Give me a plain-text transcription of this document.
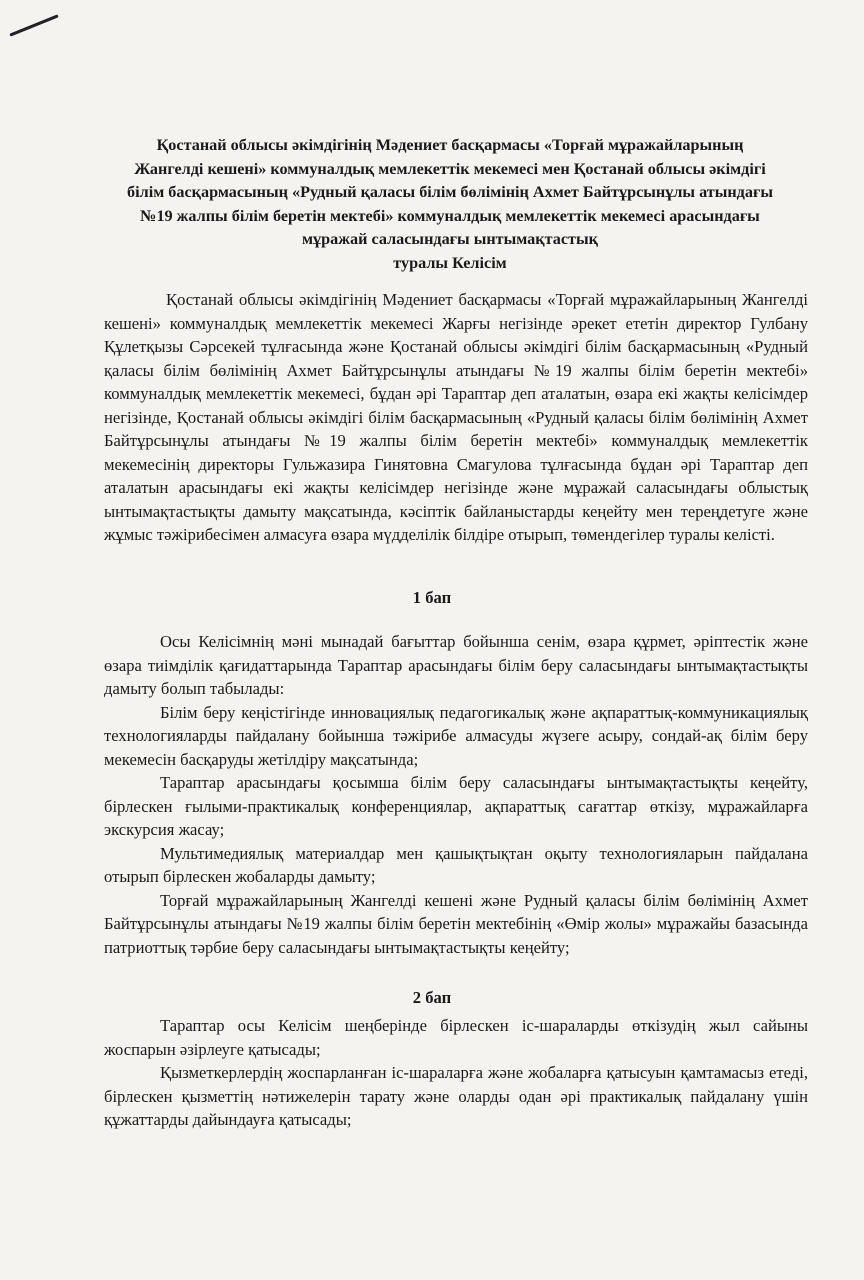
Қостанай облысы әкімдігінің Мәдениет басқармасы «Торғай мұражайларының
Жангелді кешені» коммуналдық мемлекеттік мекемесі мен Қостанай облысы әкімдігі
білім басқармасының «Рудный қаласы білім бөлімінің Ахмет Байтұрсынұлы атындағы
№19 жалпы білім беретін мектебі» коммуналдық мемлекеттік мекемесі арасындағы
мұражай саласындағы ынтымақтастық
туралы Келісім

Қостанай облысы әкімдігінің Мәдениет басқармасы «Торғай мұражайларының Жангелді кешені» коммуналдық мемлекеттік мекемесі Жарғы негізінде әрекет ететін директор Гулбану Құлетқызы Сәрсекей тұлғасында және Қостанай облысы әкімдігі білім басқармасының «Рудный қаласы білім бөлімінің Ахмет Байтұрсынұлы атындағы №19 жалпы білім беретін мектебі» коммуналдық мемлекеттік мекемесі, бұдан әрі Тараптар деп аталатын, өзара екі жақты келісімдер негізінде, Қостанай облысы әкімдігі білім басқармасының «Рудный қаласы білім бөлімінің Ахмет Байтұрсынұлы атындағы №19 жалпы білім беретін мектебі» коммуналдық мемлекеттік мекемесінің директоры Гульжазира Гинятовна Смагулова тұлғасында бұдан әрі Тараптар деп аталатын арасындағы екі жақты келісімдер негізінде және мұражай саласындағы облыстық ынтымақтастықты дамыту мақсатында, кәсіптік байланыстарды кеңейту мен тереңдетуге және жұмыс тәжірибесімен алмасуға өзара мүдделілік білдіре отырып, төмендегілер туралы келісті.

1 бап

Осы Келісімнің мәні мынадай бағыттар бойынша сенім, өзара құрмет, әріптестік және өзара тиімділік қағидаттарында Тараптар арасындағы білім беру саласындағы ынтымақтастықты дамыту болып табылады:

Білім беру кеңістігінде инновациялық педагогикалық және ақпараттық-коммуникациялық технологияларды пайдалану бойынша тәжірибе алмасуды жүзеге асыру, сондай-ақ білім беру мекемесін басқаруды жетілдіру мақсатында;

Тараптар арасындағы қосымша білім беру саласындағы ынтымақтастықты кеңейту, бірлескен ғылыми-практикалық конференциялар, ақпараттық сағаттар өткізу, мұражайларға экскурсия жасау;

Мультимедиялық материалдар мен қашықтықтан оқыту технологияларын пайдалана отырып бірлескен жобаларды дамыту;

Торғай мұражайларының Жангелді кешені және Рудный қаласы білім бөлімінің Ахмет Байтұрсынұлы атындағы №19 жалпы білім беретін мектебінің «Өмір жолы» мұражайы базасында патриоттық тәрбие беру саласындағы ынтымақтастықты кеңейту;

2 бап

Тараптар осы Келісім шеңберінде бірлескен іс-шараларды өткізудің жыл сайыны жоспарын әзірлеуге қатысады;

Қызметкерлердің жоспарланған іс-шараларға және жобаларға қатысуын қамтамасыз етеді, бірлескен қызметтің нәтижелерін тарату және оларды одан әрі практикалық пайдалану үшін құжаттарды дайындауға қатысады;
